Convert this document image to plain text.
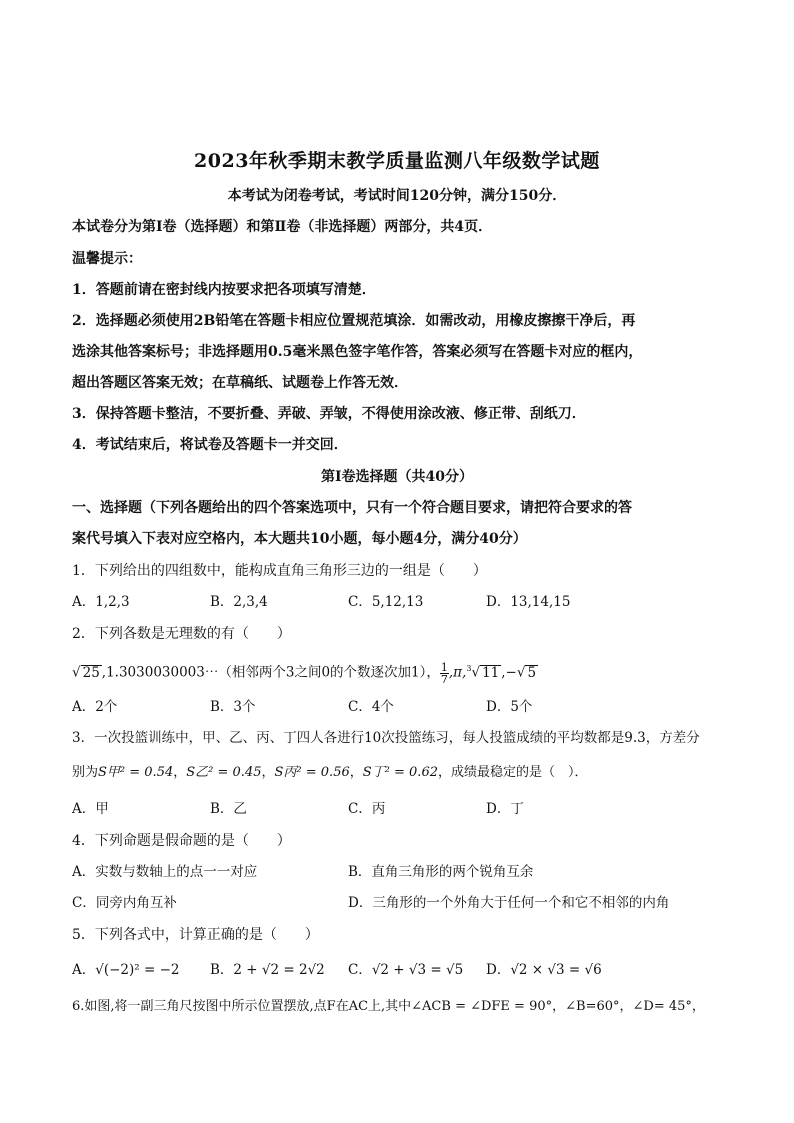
2023年秋季期末教学质量监测八年级数学试题
本考试为闭卷考试，考试时间120分钟，满分150分．
本试卷分为第Ⅰ卷（选择题）和第Ⅱ卷（非选择题）两部分，共4页．
温馨提示：
1．答题前请在密封线内按要求把各项填写清楚．
2．选择题必须使用2B铅笔在答题卡相应位置规范填涂．如需改动，用橡皮擦擦干净后，再
选涂其他答案标号；非选择题用0.5毫米黑色签字笔作答，答案必须写在答题卡对应的框内，
超出答题区答案无效；在草稿纸、试题卷上作答无效．
3．保持答题卡整洁，不要折叠、弄破、弄皱，不得使用涂改液、修正带、刮纸刀．
4．考试结束后，将试卷及答题卡一并交回．
第Ⅰ卷选择题（共40分）
一、选择题（下列各题给出的四个答案选项中，只有一个符合题目要求，请把符合要求的答
案代号填入下表对应空格内，本大题共10小题，每小题4分，满分40分）
1．下列给出的四组数中，能构成直角三角形三边的一组是（　　）
A．1,2,3	B．2,3,4	C．5,12,13	D．13,14,15
2．下列各数是无理数的有（　　）
√ 25 ,1.3030030003⋯（相邻两个3之间0的个数逐次加1）， $\frac{1}{7} ,\pi,^3√$ 11 ,−√ 5
A．2个	B．3个	C．4个	D．5个
3．一次投篮训练中，甲、乙、丙、丁四人各进行10次投篮练习，每人投篮成绩的平均数都是9.3，方差分
别为S甲² = 0.54，S乙² = 0.45，S丙² = 0.56，S丁² = 0.62，成绩最稳定的是（　）．
A．甲	B．乙	C．丙	D．丁
4．下列命题是假命题的是（　　）
A．实数与数轴上的点一一对应	B．直角三角形的两个锐角互余
C．同旁内角互补	D．三角形的一个外角大于任何一个和它不相邻的内角
5．下列各式中，计算正确的是（　　）
A．√(−2)² = −2 B．2 + √2 = 2√2 C．√2 + √3 = √5 D．√2 × √3 = √6
6.如图,将一副三角尺按图中所示位置摆放,点F在AC上,其中∠ACB = ∠DFE = 90°，∠B=60°，∠D= 45°，
